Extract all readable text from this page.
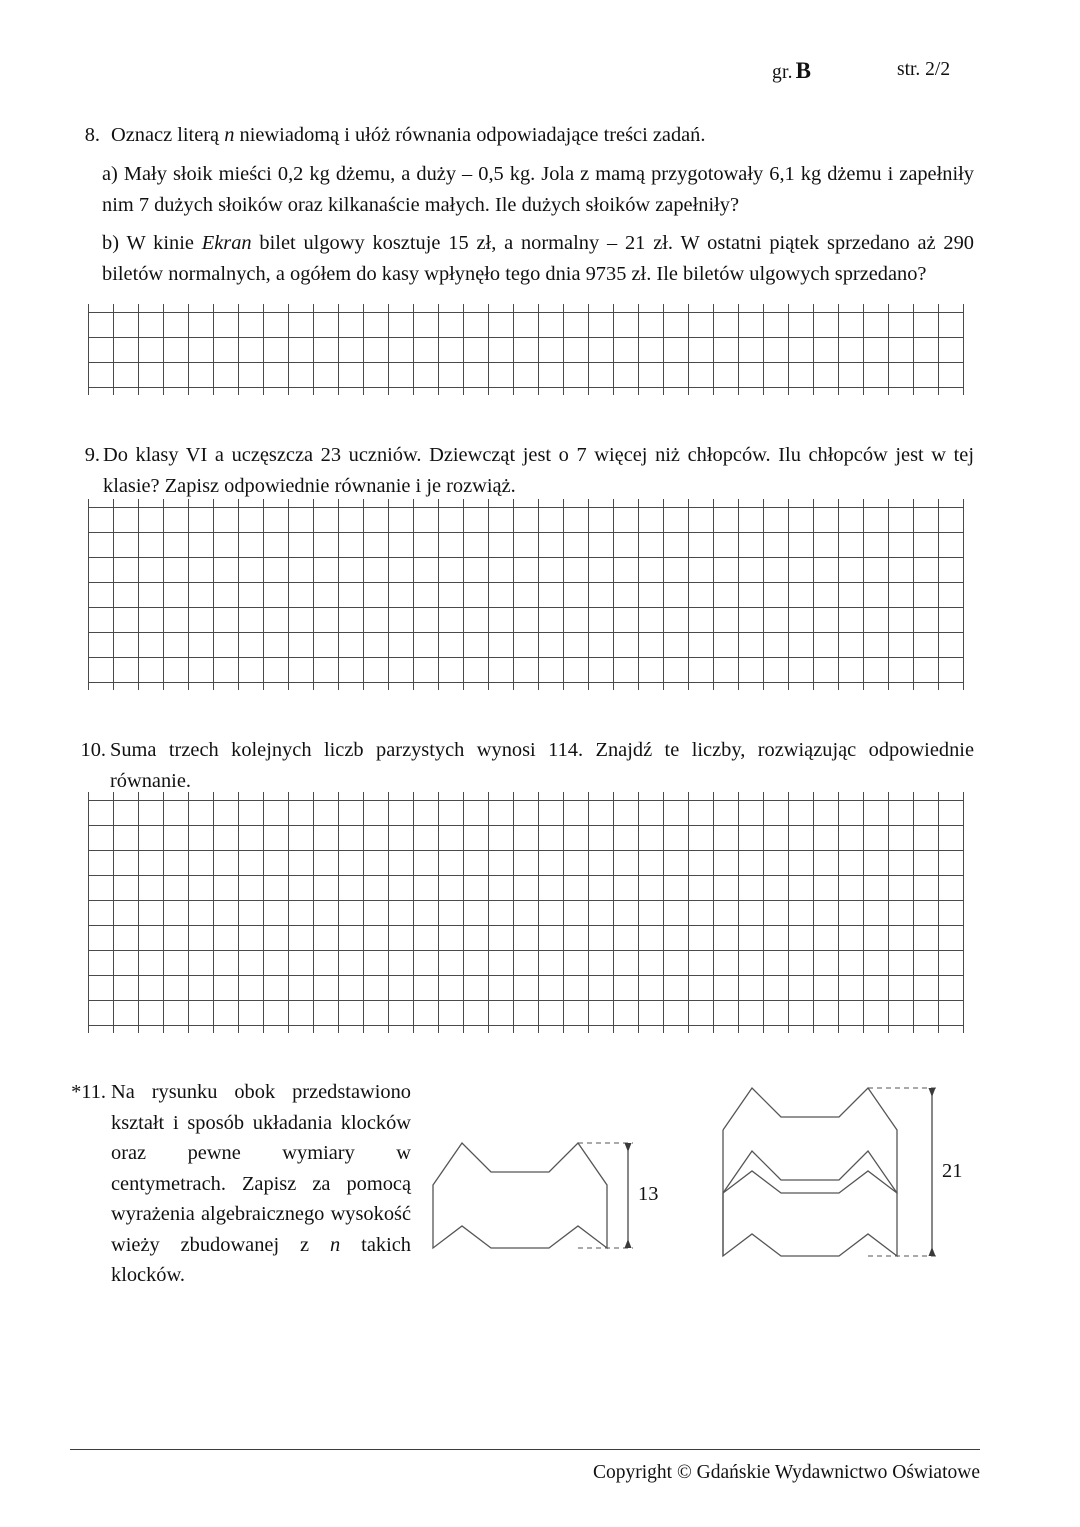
gr. B	str. 2/2
8. Oznacz literą n niewiadomą i ułóż równania odpowiadające treści zadań.
a) Mały słoik mieści 0,2 kg dżemu, a duży – 0,5 kg. Jola z mamą przygotowały 6,1 kg dżemu i zapełniły nim 7 dużych słoików oraz kilkanaście małych. Ile dużych słoików zapełniły?
b) W kinie Ekran bilet ulgowy kosztuje 15 zł, a normalny – 21 zł. W ostatni piątek sprzedano aż 290 biletów normalnych, a ogółem do kasy wpłynęło tego dnia 9735 zł. Ile biletów ulgowych sprzedano?
9. Do klasy VI a uczęszcza 23 uczniów. Dziewcząt jest o 7 więcej niż chłopców. Ilu chłopców jest w tej klasie? Zapisz odpowiednie równanie i je rozwiąż.
10. Suma trzech kolejnych liczb parzystych wynosi 114. Znajdź te liczby, rozwiązując odpowiednie równanie.
*11. Na rysunku obok przedstawiono kształt i sposób układania klocków oraz pewne wymiary w centymetrach. Zapisz za pomocą wyrażenia algebraicznego wysokość wieży zbudowanej z n takich klocków.
13
21
Copyright © Gdańskie Wydawnictwo Oświatowe
